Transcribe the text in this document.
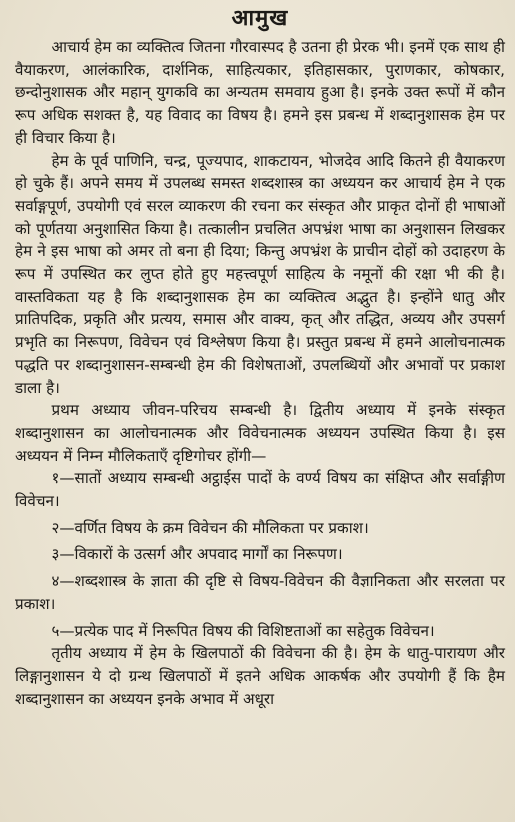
आमुख

आचार्य हेम का व्यक्तित्व जितना गौरवास्पद है उतना ही प्रेरक भी। इनमें एक साथ ही वैयाकरण, आलंकारिक, दार्शनिक, साहित्यकार, इतिहासकार, पुराणकार, कोषकार, छन्दोनुशासक और महान् युगकवि का अन्यतम समवाय हुआ है। इनके उक्त रूपों में कौन रूप अधिक सशक्त है, यह विवाद का विषय है। हमने इस प्रबन्ध में शब्दानुशासक हेम पर ही विचार किया है।

हेम के पूर्व पाणिनि, चन्द्र, पूज्यपाद, शाकटायन, भोजदेव आदि कितने ही वैयाकरण हो चुके हैं। अपने समय में उपलब्ध समस्त शब्दशास्त्र का अध्ययन कर आचार्य हेम ने एक सर्वाङ्गपूर्ण, उपयोगी एवं सरल व्याकरण की रचना कर संस्कृत और प्राकृत दोनों ही भाषाओं को पूर्णतया अनुशासित किया है। तत्कालीन प्रचलित अपभ्रंश भाषा का अनुशासन लिखकर हेम ने इस भाषा को अमर तो बना ही दिया; किन्तु अपभ्रंश के प्राचीन दोहों को उदाहरण के रूप में उपस्थित कर लुप्त होते हुए महत्त्वपूर्ण साहित्य के नमूनों की रक्षा भी की है। वास्तविकता यह है कि शब्दानुशासक हेम का व्यक्तित्व अद्भुत है। इन्होंने धातु और प्रातिपदिक, प्रकृति और प्रत्यय, समास और वाक्य, कृत् और तद्धित, अव्यय और उपसर्ग प्रभृति का निरूपण, विवेचन एवं विश्लेषण किया है। प्रस्तुत प्रबन्ध में हमने आलोचनात्मक पद्धति पर शब्दानुशासन-सम्बन्धी हेम की विशेषताओं, उपलब्धियों और अभावों पर प्रकाश डाला है।

प्रथम अध्याय जीवन-परिचय सम्बन्धी है। द्वितीय अध्याय में इनके संस्कृत शब्दानुशासन का आलोचनात्मक और विवेचनात्मक अध्ययन उपस्थित किया है। इस अध्ययन में निम्न मौलिकताएँ दृष्टिगोचर होंगी—

१—सातों अध्याय सम्बन्धी अट्ठाईस पादों के वर्ण्य विषय का संक्षिप्त और सर्वाङ्गीण विवेचन।

२—वर्णित विषय के क्रम विवेचन की मौलिकता पर प्रकाश।

३—विकारों के उत्सर्ग और अपवाद मार्गों का निरूपण।

४—शब्दशास्त्र के ज्ञाता की दृष्टि से विषय-विवेचन की वैज्ञानिकता और सरलता पर प्रकाश।

५—प्रत्येक पाद में निरूपित विषय की विशिष्टताओं का सहेतुक विवेचन।

तृतीय अध्याय में हेम के खिलपाठों की विवेचना की है। हेम के धातु-पारायण और लिङ्गानुशासन ये दो ग्रन्थ खिलपाठों में इतने अधिक आकर्षक और उपयोगी हैं कि हैम शब्दानुशासन का अध्ययन इनके अभाव में अधूरा
